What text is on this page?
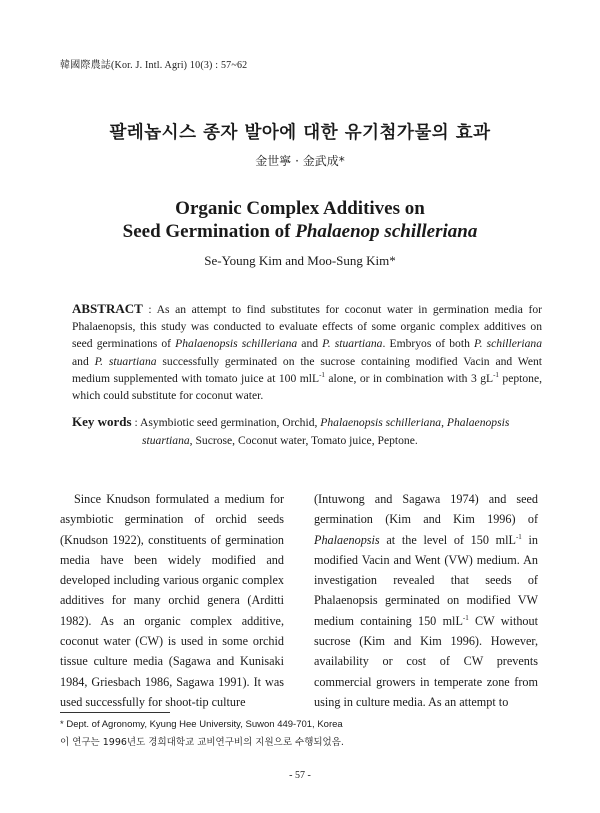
韓國際農誌(Kor. J. Intl. Agri) 10(3) : 57~62
팔레놉시스 종자 발아에 대한 유기첨가물의 효과
金世寧 · 金武成*
Organic Complex Additives on
Seed Germination of Phalaenop schilleriana
Se-Young Kim and Moo-Sung Kim*
ABSTRACT : As an attempt to find substitutes for coconut water in germination media for Phalaenopsis, this study was conducted to evaluate effects of some organic complex additives on seed germinations of Phalaenopsis schilleriana and P. stuartiana. Embryos of both P. schilleriana and P. stuartiana successfully germinated on the sucrose containing modified Vacin and Went medium supplemented with tomato juice at 100 mlL$^{-1}$ alone, or in combination with 3 $gL^{-1}$ peptone, which could substitute for coconut water.
Key words : Asymbiotic seed germination, Orchid, Phalaenopsis schilleriana, Phalaenopsis
stuartiana, Sucrose, Coconut water, Tomato juice, Peptone.
Since Knudson formulated a medium for asymbiotic germination of orchid seeds (Knudson 1922), constituents of germination media have been widely modified and developed including various organic complex additives for many orchid genera (Arditti 1982). As an organic complex additive, coconut water (CW) is used in some orchid tissue culture media (Sagawa and Kunisaki 1984, Griesbach 1986, Sagawa 1991). It was used successfully for shoot-tip culture
(Intuwong and Sagawa 1974) and seed germination (Kim and Kim 1996) of Phalaenopsis at the level of 150 mlL$^{-1}$ in modified Vacin and Went (VW) medium. An investigation revealed that seeds of Phalaenopsis germinated on modified VW medium containing 150 mlL$^{-1}$ CW without sucrose (Kim and Kim 1996). However, availability or cost of CW prevents commercial growers in temperate zone from using in culture media. As an attempt to
* Dept. of Agronomy, Kyung Hee University, Suwon 449-701, Korea
이 연구는 1996년도 경희대학교 교비연구비의 지원으로 수행되었음.
- 57 -
